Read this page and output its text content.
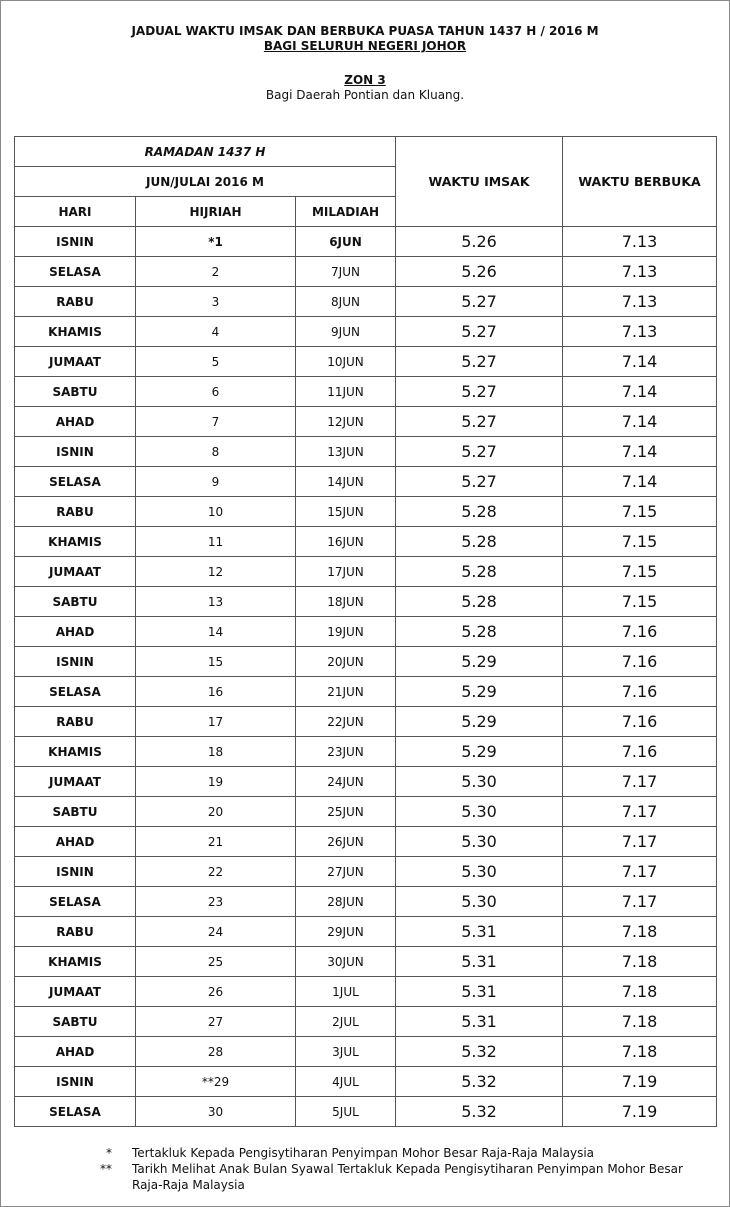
JADUAL WAKTU IMSAK DAN BERBUKA PUASA TAHUN 1437 H / 2016 M
BAGI SELURUH NEGERI JOHOR
ZON 3
Bagi Daerah Pontian dan Kluang.
RAMADAN 1437 H			WAKTU IMSAK	WAKTU BERBUKA
JUN/JULAI 2016 M				
HARI	HIJRIAH	MILADIAH		
ISNIN	*1	6JUN	5.26	7.13
SELASA	2	7JUN	5.26	7.13
RABU	3	8JUN	5.27	7.13
KHAMIS	4	9JUN	5.27	7.13
JUMAAT	5	10JUN	5.27	7.14
SABTU	6	11JUN	5.27	7.14
AHAD	7	12JUN	5.27	7.14
ISNIN	8	13JUN	5.27	7.14
SELASA	9	14JUN	5.27	7.14
RABU	10	15JUN	5.28	7.15
KHAMIS	11	16JUN	5.28	7.15
JUMAAT	12	17JUN	5.28	7.15
SABTU	13	18JUN	5.28	7.15
AHAD	14	19JUN	5.28	7.16
ISNIN	15	20JUN	5.29	7.16
SELASA	16	21JUN	5.29	7.16
RABU	17	22JUN	5.29	7.16
KHAMIS	18	23JUN	5.29	7.16
JUMAAT	19	24JUN	5.30	7.17
SABTU	20	25JUN	5.30	7.17
AHAD	21	26JUN	5.30	7.17
ISNIN	22	27JUN	5.30	7.17
SELASA	23	28JUN	5.30	7.17
RABU	24	29JUN	5.31	7.18
KHAMIS	25	30JUN	5.31	7.18
JUMAAT	26	1JUL	5.31	7.18
SABTU	27	2JUL	5.31	7.18
AHAD	28	3JUL	5.32	7.18
ISNIN	**29	4JUL	5.32	7.19
SELASA	30	5JUL	5.32	7.19
* Tertakluk Kepada Pengisytiharan Penyimpan Mohor Besar Raja-Raja Malaysia
** Tarikh Melihat Anak Bulan Syawal Tertakluk Kepada Pengisytiharan Penyimpan Mohor Besar
Raja-Raja Malaysia
